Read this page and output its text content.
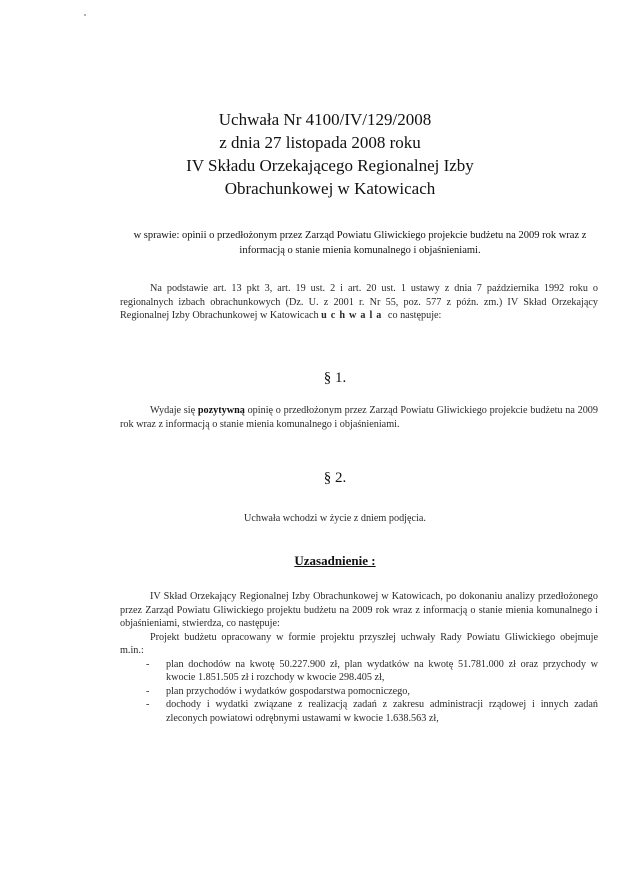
Uchwała Nr 4100/IV/129/2008
z dnia 27 listopada 2008 roku
IV Składu Orzekającego Regionalnej Izby
Obrachunkowej w Katowicach
w sprawie: opinii o przedłożonym przez Zarząd Powiatu Gliwickiego projekcie budżetu na 2009 rok wraz z informacją o stanie mienia komunalnego i objaśnieniami.
Na podstawie art. 13 pkt 3, art. 19 ust. 2 i art. 20 ust. 1 ustawy z dnia 7 października 1992 roku o regionalnych izbach obrachunkowych (Dz. U. z 2001 r. Nr 55, poz. 577 z późn. zm.) IV Skład Orzekający Regionalnej Izby Obrachunkowej w Katowicach uchwala co następuje:
§ 1.
Wydaje się pozytywną opinię o przedłożonym przez Zarząd Powiatu Gliwickiego projekcie budżetu na 2009 rok wraz z informacją o stanie mienia komunalnego i objaśnieniami.
§ 2.
Uchwała wchodzi w życie z dniem podjęcia.
Uzasadnienie :

IV Skład Orzekający Regionalnej Izby Obrachunkowej w Katowicach, po dokonaniu analizy przedłożonego przez Zarząd Powiatu Gliwickiego projektu budżetu na 2009 rok wraz z informacją o stanie mienia komunalnego i objaśnieniami, stwierdza, co następuje:

Projekt budżetu opracowany w formie projektu przyszłej uchwały Rady Powiatu Gliwickiego obejmuje m.in.:

- plan dochodów na kwotę 50.227.900 zł, plan wydatków na kwotę 51.781.000 zł oraz przychody w kwocie 1.851.505 zł i rozchody w kwocie 298.405 zł,
- plan przychodów i wydatków gospodarstwa pomocniczego,
- dochody i wydatki związane z realizacją zadań z zakresu administracji rządowej i innych zadań zleconych powiatowi odrębnymi ustawami w kwocie 1.638.563 zł,
